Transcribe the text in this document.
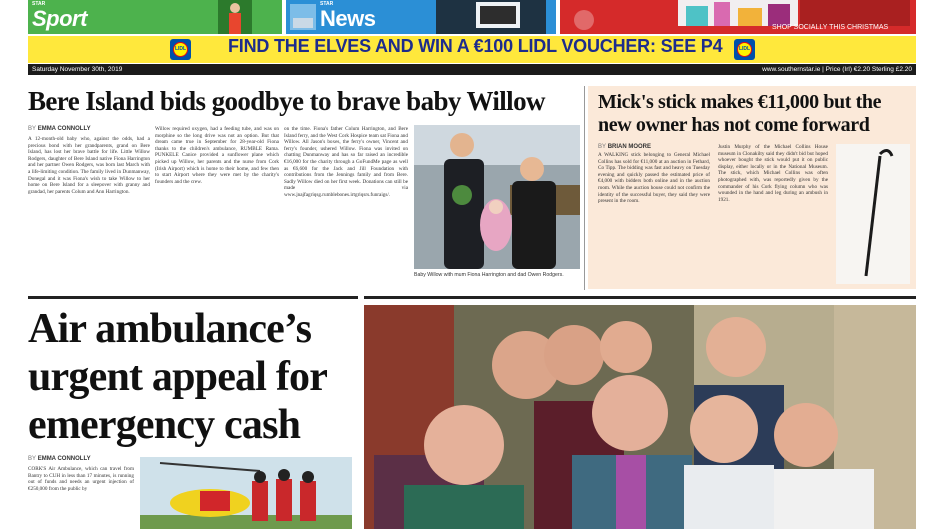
Sport
STAR
News
STAR
SHOP SOCIALLY THIS CHRISTMAS
LIDL FIND THE ELVES AND WIN A €100 LIDL VOUCHER: SEE P4	LIDL
Saturday November 30th, 2019	www.southernstar.ie | Price (Irl) €2.20 Sterling £2.20
Bere Island bids goodbye to brave baby Willow
BY EMMA CONNOLLY
A 12-month-old baby who, against the odds, had a precious bond with her grandparents, grand on Bere Island, has lost her brave battle for life. Little Willow Rodgers, daughter of Bere Island native Fiona Harrington and her partner Owen Rodgers, was born last March with a life-limiting condition. The family lived in Dunmanway, Donegal and it was Fiona's wish to take Willow to her home on Bere Island for a sleepover with granny and grandad, her parents Colum and Ann Harrington.
Willow required oxygen, had a feeding tube, and was on morphine so the long drive was not an option. But that dream came true in September for 28-year-old Fiona thanks to the children's ambulance, RUMBLE Rama. PUNKELE Canice provided a sunflower plane which picked up Willow, her parents and the nurse from Cork (Irish Airport) which is home to their home, and few then to start Airport where they were met by the charity's founders and the crew.
on the time. Fiona's father Colum Harrington, and Bere Island ferry, and the West Cork Hospice team sat Fiona and Willow. All Jason's boxes, the ferry's owner, Vincent and ferry's founder, ushered Willow. Fiona was invited on chatting Dunmanway and has so far raised an incredible €16,000 for the charity through a GoFundMe page as well as €6,600 for the Jack and Jill Foundation with contributions from the Jennings family and from Bere. Sadly Willow died on her first week. Donations can still be made via www.jnajfagriqsg.rumblebones.irtgriqsrs.funraigs/.
Baby Willow with mum Fiona Harrington and dad Owen Rodgers.
Mick's stick makes €11,000 but the
new owner has not come forward
BY BRIAN MOORE
A WALKING stick belonging to General Michael Collins has sold for €11,000 at an auction in Fethard, Co Tipp. The bidding was fast and heavy on Tuesday evening and quickly passed the estimated price of €4,000 with bidders both online and in the auction room. While the auction house could not confirm the identity of the successful buyer, they said they were present in the room.
Justin Murphy of the Michael Collins House museum in Clonakilty said they didn't bid but hoped whoever bought the stick would put it on public display, either locally or in the National Museum. The stick, which Michael Collins was often photographed with, was reportedly given by the commander of his Cork flying column who was wounded in the hand and leg during an ambush in 1921.
Air ambulance’s
urgent appeal for
emergency cash
BY EMMA CONNOLLY
CORK'S Air Ambulance, which can travel from Bantry to CUH in less than 17 minutes, is running out of funds and needs an urgent injection of €250,000 from the public by
